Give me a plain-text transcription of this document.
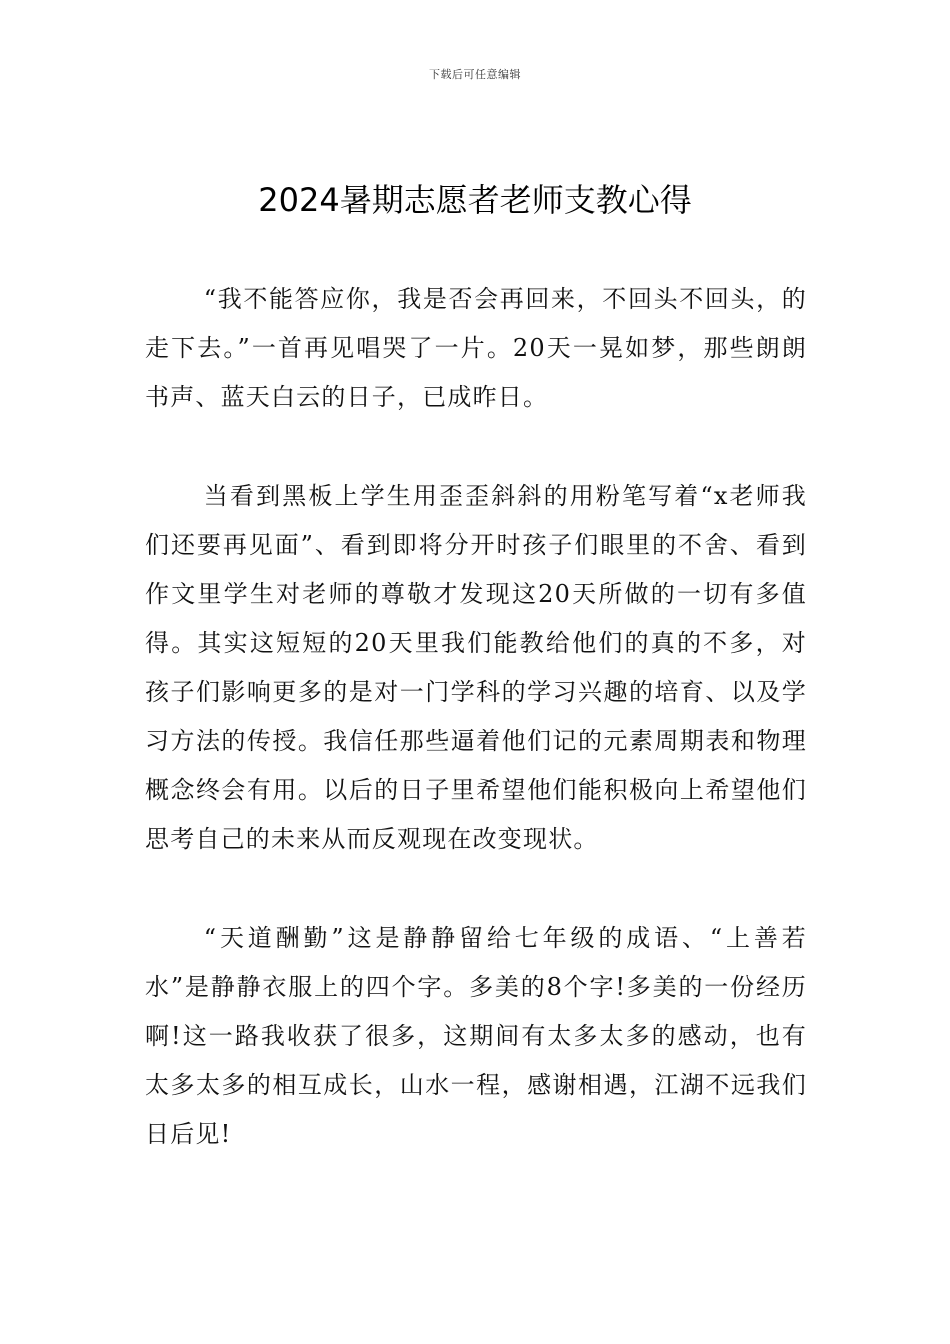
下载后可任意编辑
2024暑期志愿者老师支教心得

“我不能答应你，我是否会再回来，不回头不回头，的走下去。”一首再见唱哭了一片。20天一晃如梦，那些朗朗书声、蓝天白云的日子，已成昨日。

当看到黑板上学生用歪歪斜斜的用粉笔写着“x老师我们还要再见面”、看到即将分开时孩子们眼里的不舍、看到作文里学生对老师的尊敬才发现这20天所做的一切有多值得。其实这短短的20天里我们能教给他们的真的不多，对孩子们影响更多的是对一门学科的学习兴趣的培育、以及学习方法的传授。我信任那些逼着他们记的元素周期表和物理概念终会有用。以后的日子里希望他们能积极向上希望他们思考自己的未来从而反观现在改变现状。

“天道酬勤”这是静静留给七年级的成语、“上善若水”是静静衣服上的四个字。多美的8个字!多美的一份经历啊!这一路我收获了很多，这期间有太多太多的感动，也有太多太多的相互成长，山水一程，感谢相遇，江湖不远我们日后见!
